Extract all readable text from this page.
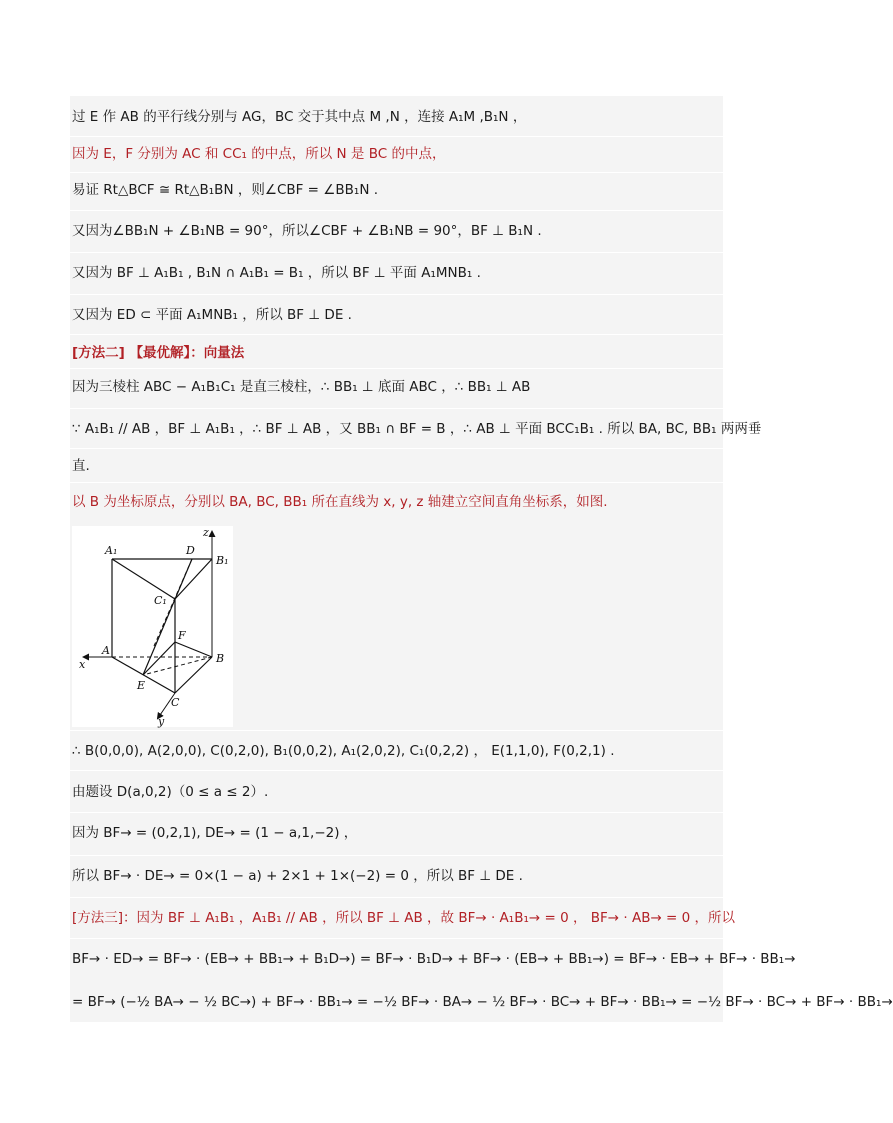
过 E 作 AB 的平行线分别与 AG，BC 交于其中点 M ,N ，连接 A₁M ,B₁N ，
因为 E，F 分别为 AC 和 CC₁ 的中点，所以 N 是 BC 的中点，
易证 Rt△BCF ≅ Rt△B₁BN ，则∠CBF = ∠BB₁N .
又因为∠BB₁N + ∠B₁NB = 90°，所以∠CBF + ∠B₁NB = 90°，BF ⊥ B₁N .
又因为 BF ⊥ A₁B₁ , B₁N ∩ A₁B₁ = B₁ ，所以 BF ⊥ 平面 A₁MNB₁ .
又因为 ED ⊂ 平面 A₁MNB₁ ，所以 BF ⊥ DE .
[方法二] 【最优解】：向量法
因为三棱柱 ABC − A₁B₁C₁ 是直三棱柱，∴ BB₁ ⊥ 底面 ABC ，∴ BB₁ ⊥ AB
∵ A₁B₁ // AB ，BF ⊥ A₁B₁ ，∴ BF ⊥ AB ，又 BB₁ ∩ BF = B ，∴ AB ⊥ 平面 BCC₁B₁ . 所以 BA, BC, BB₁ 两两垂
直.
以 B 为坐标原点，分别以 BA, BC, BB₁ 所在直线为 x, y, z 轴建立空间直角坐标系，如图.
∴ B(0,0,0), A(2,0,0), C(0,2,0), B₁(0,0,2), A₁(2,0,2), C₁(0,2,2) ， E(1,1,0), F(0,2,1) .
由题设 D(a,0,2)（0 ≤ a ≤ 2）.
因为 BF→ = (0,2,1), DE→ = (1 − a,1,−2) ，
所以 BF→ · DE→ = 0×(1 − a) + 2×1 + 1×(−2) = 0 ，所以 BF ⊥ DE .
[方法三]：因为 BF ⊥ A₁B₁ ，A₁B₁ // AB ，所以 BF ⊥ AB ，故 BF→ · A₁B₁→ = 0 ， BF→ · AB→ = 0 ，所以
BF→ · ED→ = BF→ · (EB→ + BB₁→ + B₁D→) = BF→ · B₁D→ + BF→ · (EB→ + BB₁→) = BF→ · EB→ + BF→ · BB₁→
= BF→ (−½ BA→ − ½ BC→) + BF→ · BB₁→ = −½ BF→ · BA→ − ½ BF→ · BC→ + BF→ · BB₁→ = −½ BF→ · BC→ + BF→ · BB₁→
A₁	D
B₁
C₁
F
A
B
E
C
x
y
z
